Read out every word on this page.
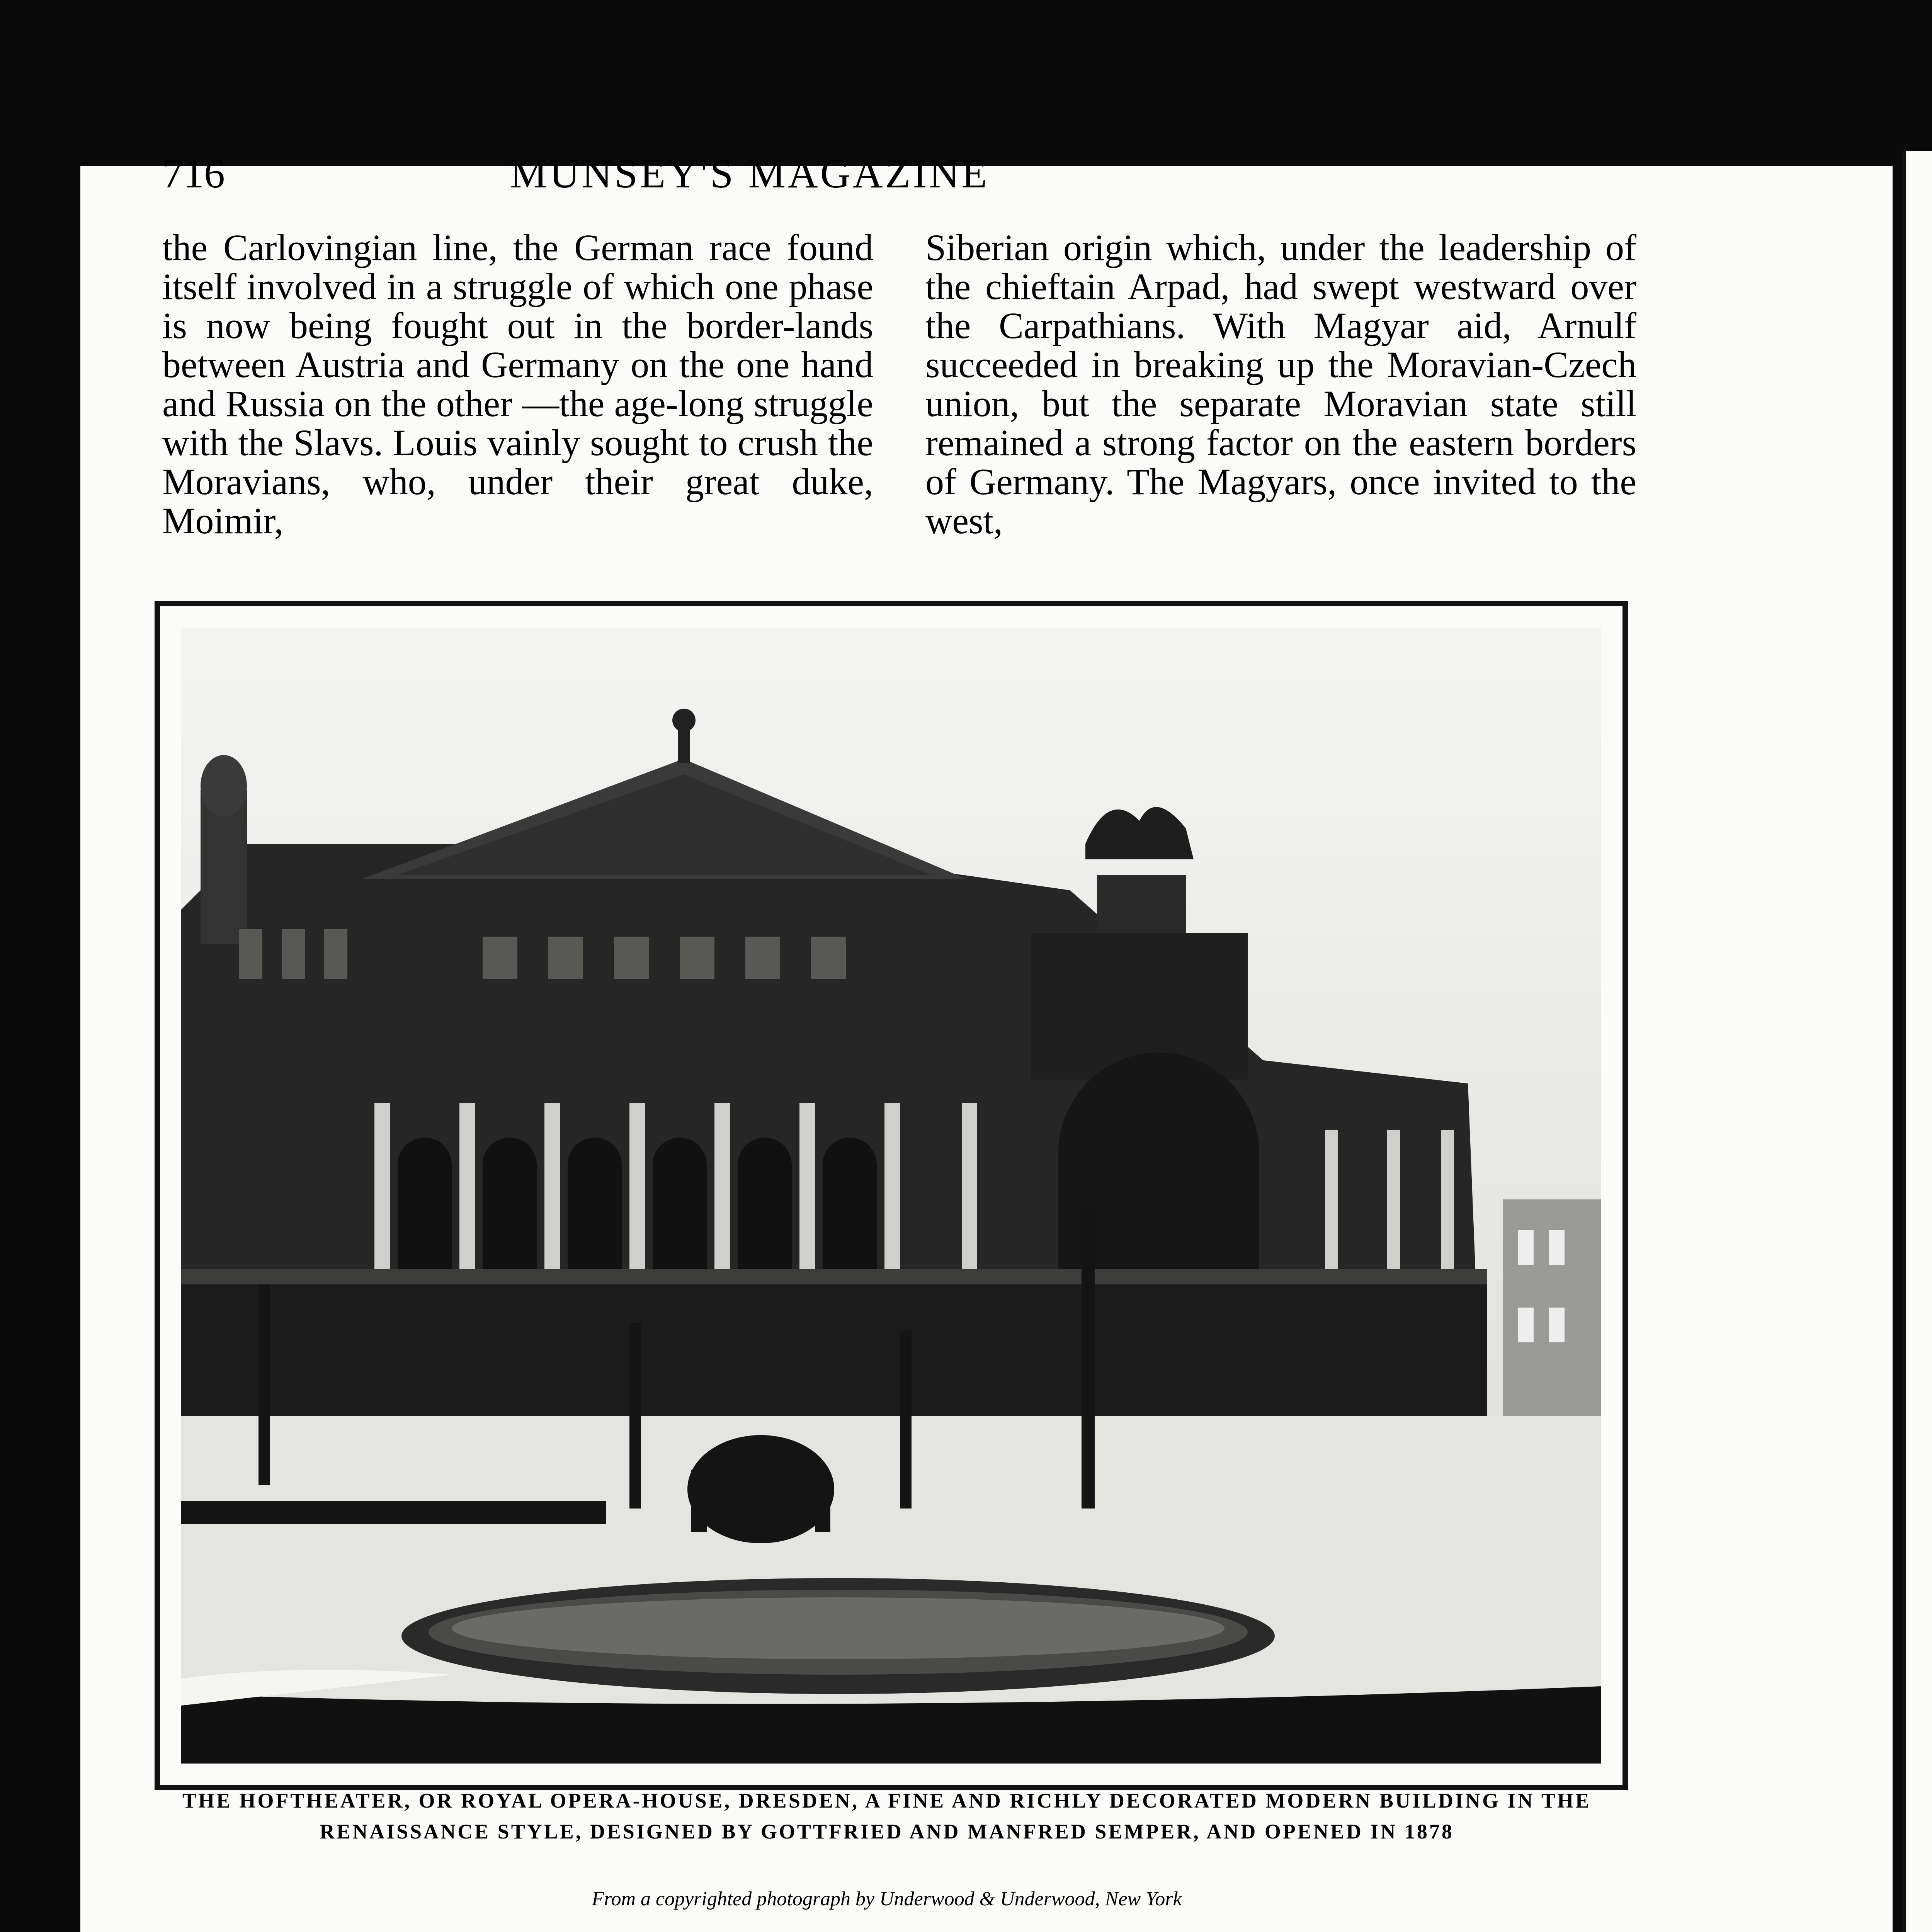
716	MUNSEY'S MAGAZINE

the Carlovingian line, the German race found itself involved in a struggle of which one phase is now being fought out in the border-lands between Austria and Germany on the one hand and Russia on the other —the age-long struggle with the Slavs. Louis vainly sought to crush the Moravians, who, under their great duke, Moimir,

Siberian origin which, under the leadership of the chieftain Arpad, had swept westward over the Carpathians. With Magyar aid, Arnulf succeeded in breaking up the Moravian-Czech union, but the separate Moravian state still remained a strong factor on the eastern borders of Germany. The Magyars, once invited to the west,

THE HOFTHEATER, OR ROYAL OPERA-HOUSE, DRESDEN, A FINE AND RICHLY DECORATED MODERN BUILDING IN THE RENAISSANCE STYLE, DESIGNED BY GOTTFRIED AND MANFRED SEMPER, AND OPENED IN 1878
From a copyrighted photograph by Underwood & Underwood, New York
